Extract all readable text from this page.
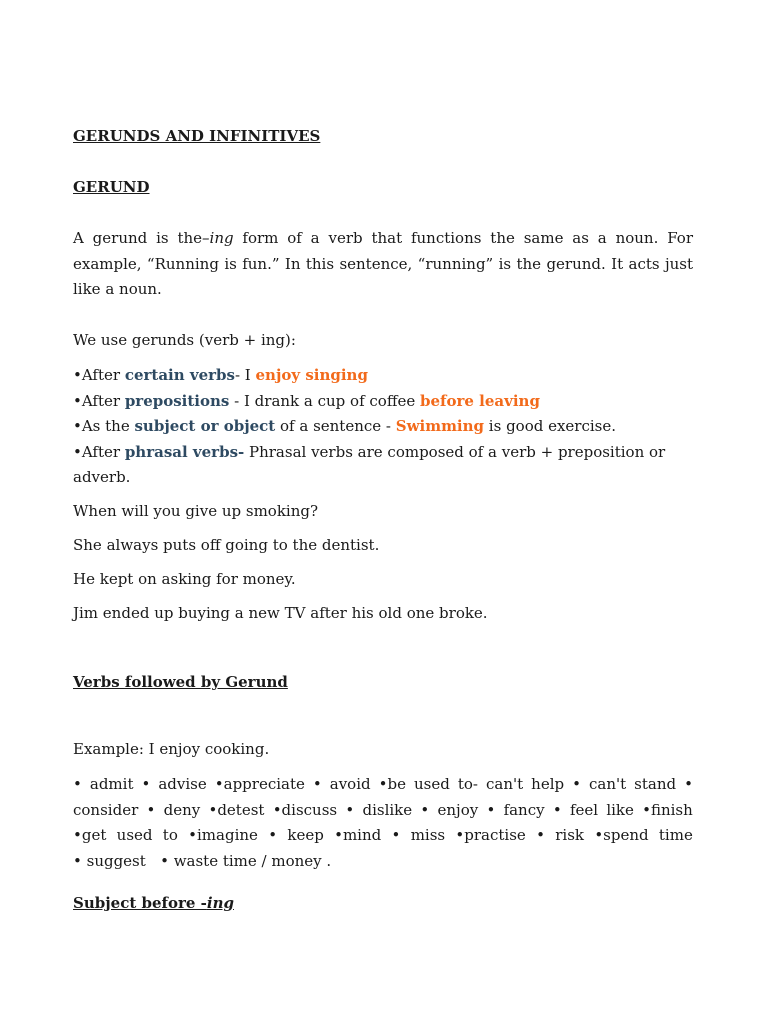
GERUNDS AND INFINITIVES

GERUND

A gerund is the–ing form of a verb that functions the same as a noun. For example, “Running is fun.” In this sentence, “running” is the gerund. It acts just like a noun.

We use gerunds (verb + ing):

•After certain verbs- I enjoy singing
•After prepositions - I drank a cup of coffee before leaving
•As the subject or object of a sentence - Swimming is good exercise.
•After phrasal verbs- Phrasal verbs are composed of a verb + preposition or adverb.

When will you give up smoking?

She always puts off going to the dentist.

He kept on asking for money.

Jim ended up buying a new TV after his old one broke.

Verbs followed by Gerund

Example: I enjoy cooking.

• admit • advise •appreciate • avoid •be used to- can't help • can't stand •
consider • deny •detest •discuss • dislike • enjoy • fancy • feel like •finish
•get used to •imagine • keep •mind • miss •practise • risk •spend time
• suggest   • waste time / money .

Subject before -ing
